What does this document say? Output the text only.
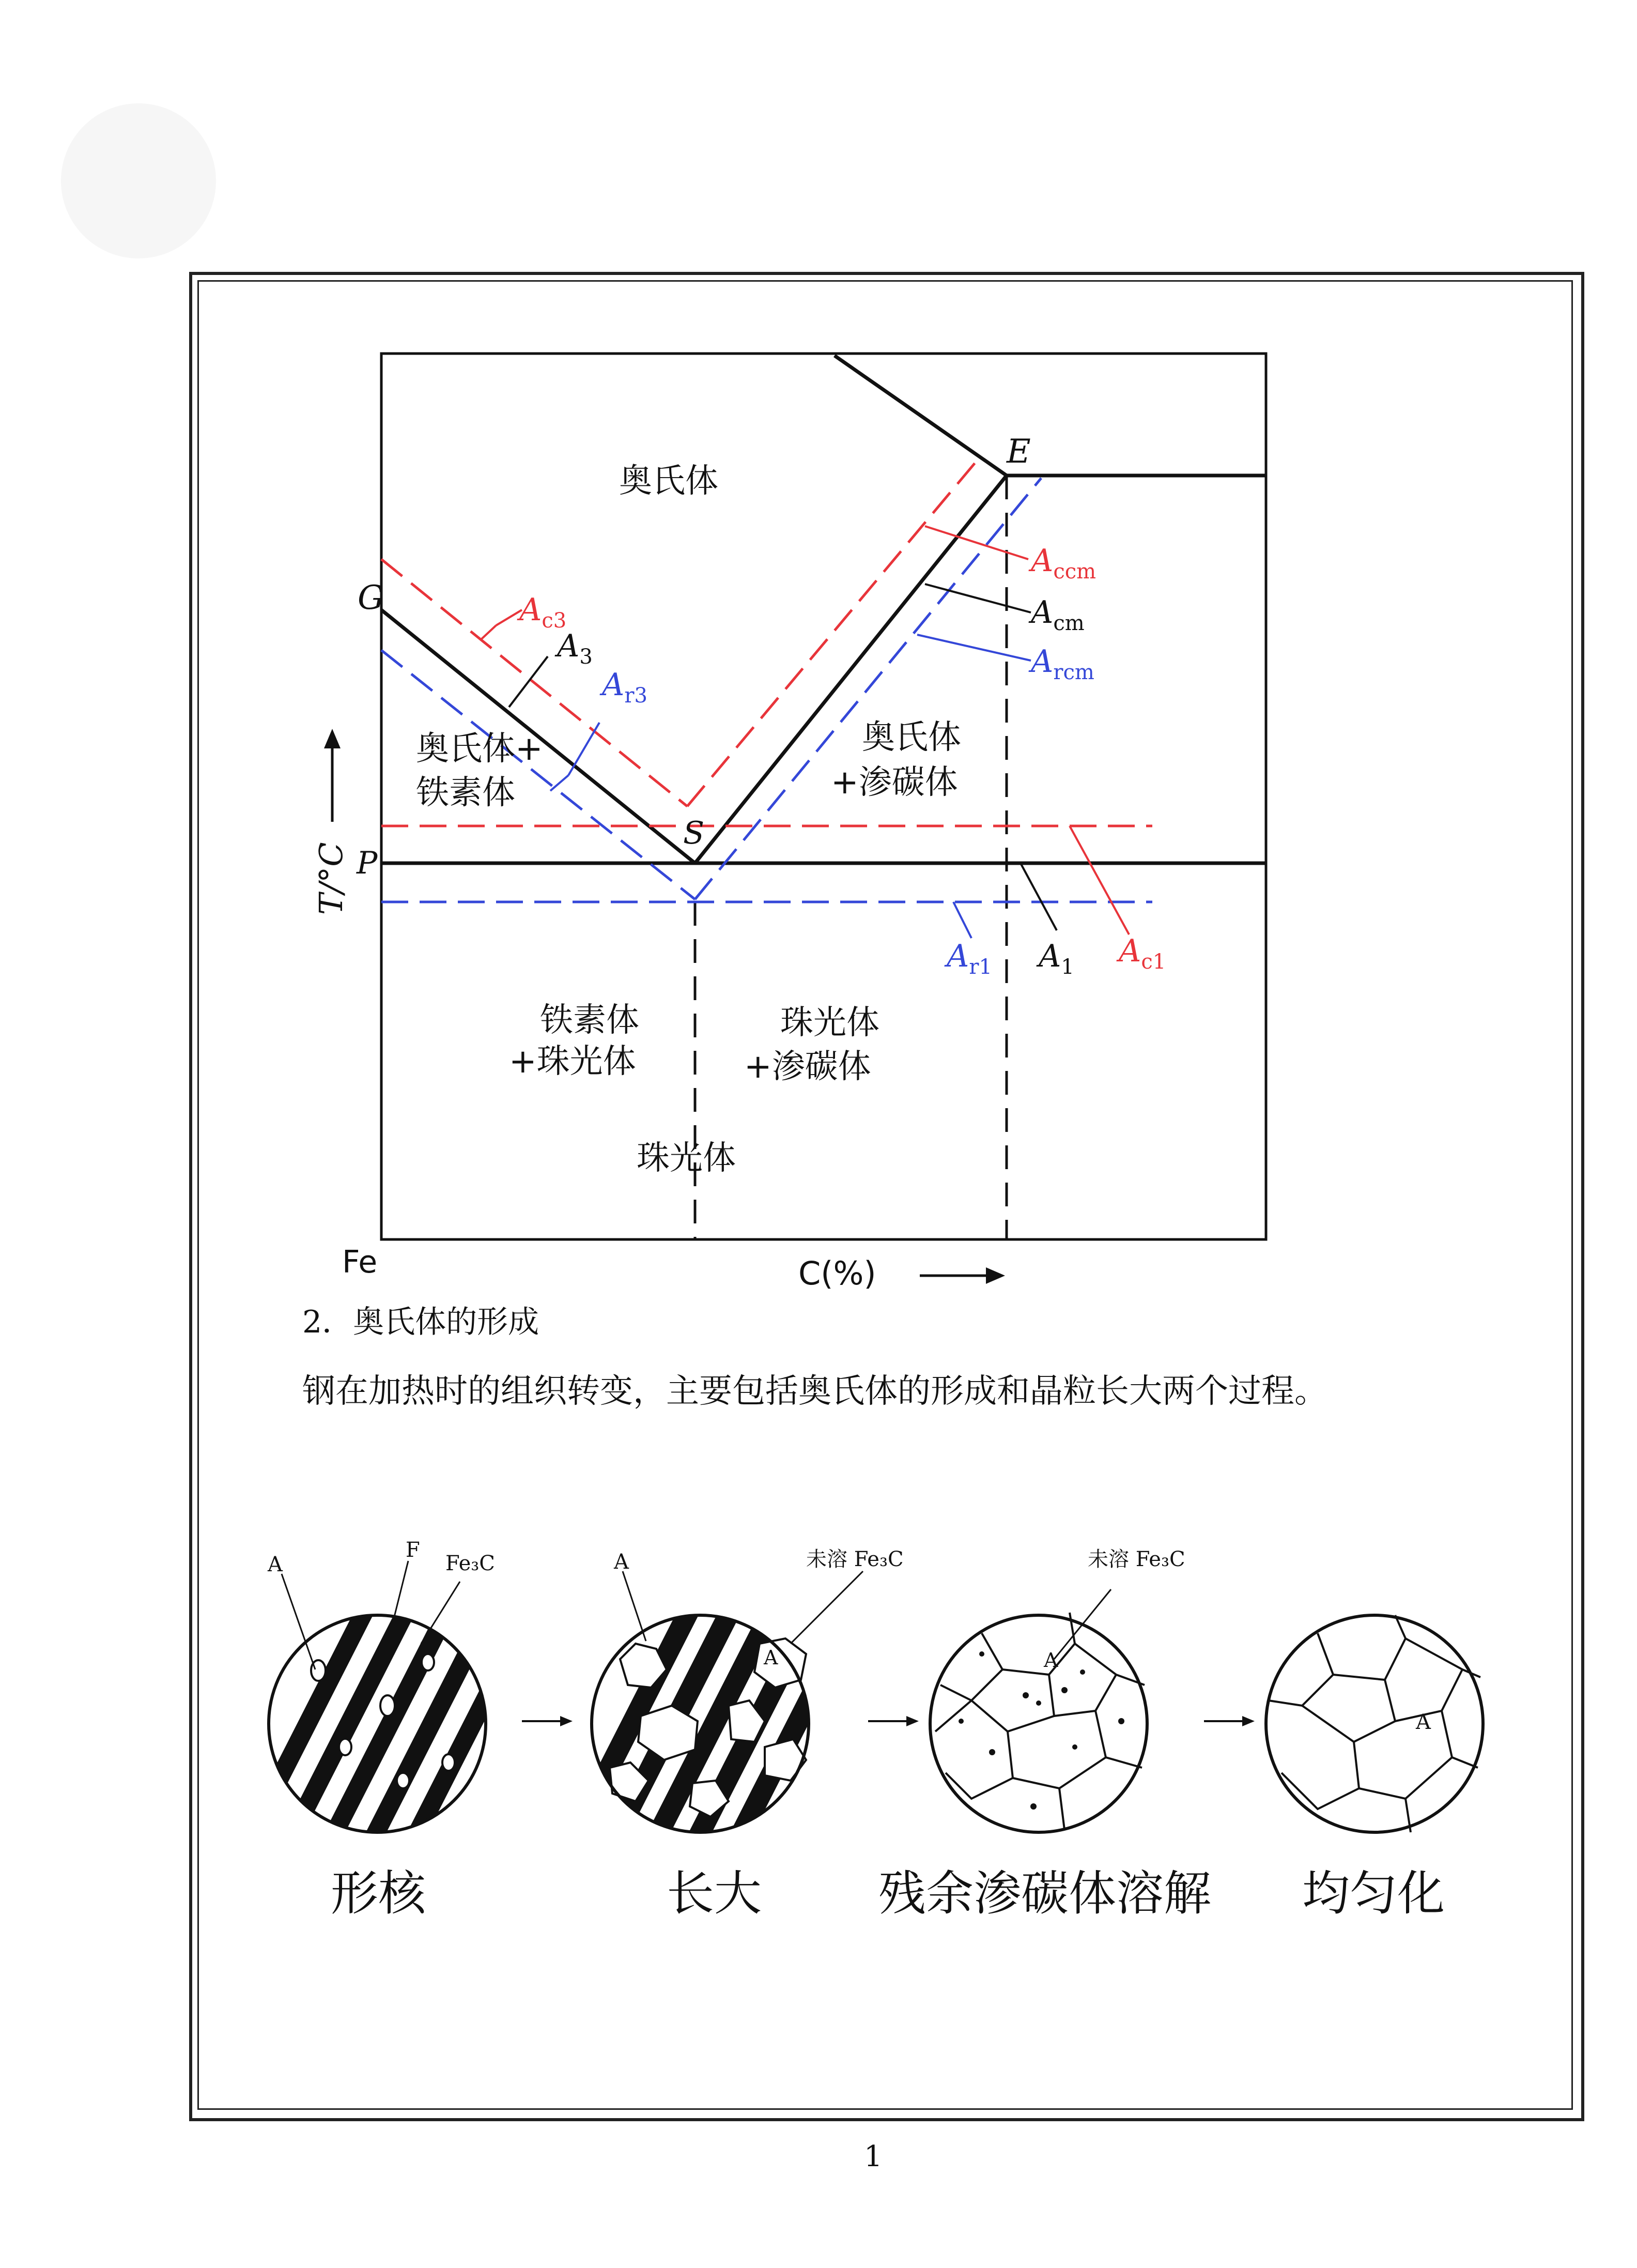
G
E
S
P
Fe	C(%)
T/°C
奥氏体
奥氏体+
铁素体
奥氏体
+渗碳体
铁素体
+珠光体
珠光体
+渗碳体
珠光体
$A_{c3}$
$A_3$
$A_{r3}$
$A_{ccm}$
$A_{cm}$
$A_{rcm}$
$A_{r1}$ $A_1$ $A_{c1}$
A
F
Fe₃C
A
A	未溶 Fe₃C
A
未溶 Fe₃C
A
2．奥氏体的形成
钢在加热时的组织转变，主要包括奥氏体的形成和晶粒长大两个过程。
形核	长大 残余渗碳体溶解 均匀化
1
